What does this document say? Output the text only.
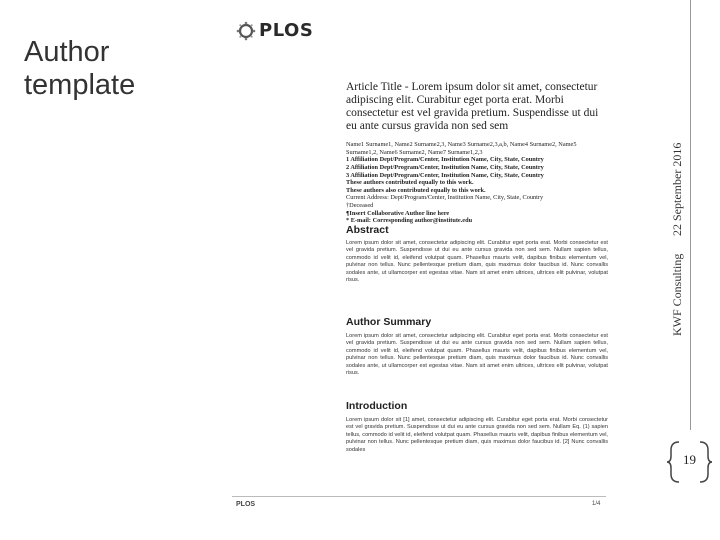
Author template
PLOS
Article Title - Lorem ipsum dolor sit amet, consectetur adipiscing elit. Curabitur eget porta erat. Morbi consectetur est vel gravida pretium. Suspendisse ut dui eu ante cursus gravida non sed sem
Name1 Surname1, Name2 Surname2,3, Name3 Surname2,3,a,b, Name4 Surname2, Name5 Surname1,2, Name6 Surname2, Name7 Surname1,2,3
1 Affiliation Dept/Program/Center, Institution Name, City, State, Country
2 Affiliation Dept/Program/Center, Institution Name, City, State, Country
3 Affiliation Dept/Program/Center, Institution Name, City, State, Country
These authors contributed equally to this work.
These authors also contributed equally to this work.
Current Address: Dept/Program/Center, Institution Name, City, State, Country
†Deceased
¶Insert Collaborative Author line here
* E-mail: Corresponding author@institute.edu
Abstract
Lorem ipsum dolor sit amet, consectetur adipiscing elit. Curabitur eget porta erat. Morbi consectetur est vel gravida pretium. Suspendisse ut dui eu ante cursus gravida non sed sem. Nullam sapien tellus, commodo id velit id, eleifend volutpat quam. Phasellus mauris velit, dapibus finibus elementum vel, pulvinar non tellus. Nunc pellentesque pretium diam, quis maximus dolor faucibus id. Nunc convallis sodales ante, ut ullamcorper est egestas vitae. Nam sit amet enim ultrices, ultrices elit pulvinar, volutpat risus.
Author Summary
Lorem ipsum dolor sit amet, consectetur adipiscing elit. Curabitur eget porta erat. Morbi consectetur est vel gravida pretium. Suspendisse ut dui eu ante cursus gravida non sed sem. Nullam sapien tellus, commodo id velit id, eleifend volutpat quam. Phasellus mauris velit, dapibus finibus elementum vel, pulvinar non tellus. Nunc pellentesque pretium diam, quis maximus dolor faucibus id. Nunc convallis sodales ante, ut ullamcorper est egestas vitae. Nam sit amet enim ultrices, ultrices elit pulvinar, volutpat risus.
Introduction
Lorem ipsum dolor sit [1] amet, consectetur adipiscing elit. Curabitur eget porta erat. Morbi consectetur est vel gravida pretium. Suspendisse ut dui eu ante cursus gravida non sed sem. Nullam Eq. (1) sapien tellus, commodo id velit id, eleifend volutpat quam. Phasellus mauris velit, dapibus finibus elementum vel, pulvinar non tellus. Nunc pellentesque pretium diam, quis maximus dolor faucibus id. [2] Nunc convallis sodales
PLOS	1/4
KWF Consulting
22 September 2016
19
